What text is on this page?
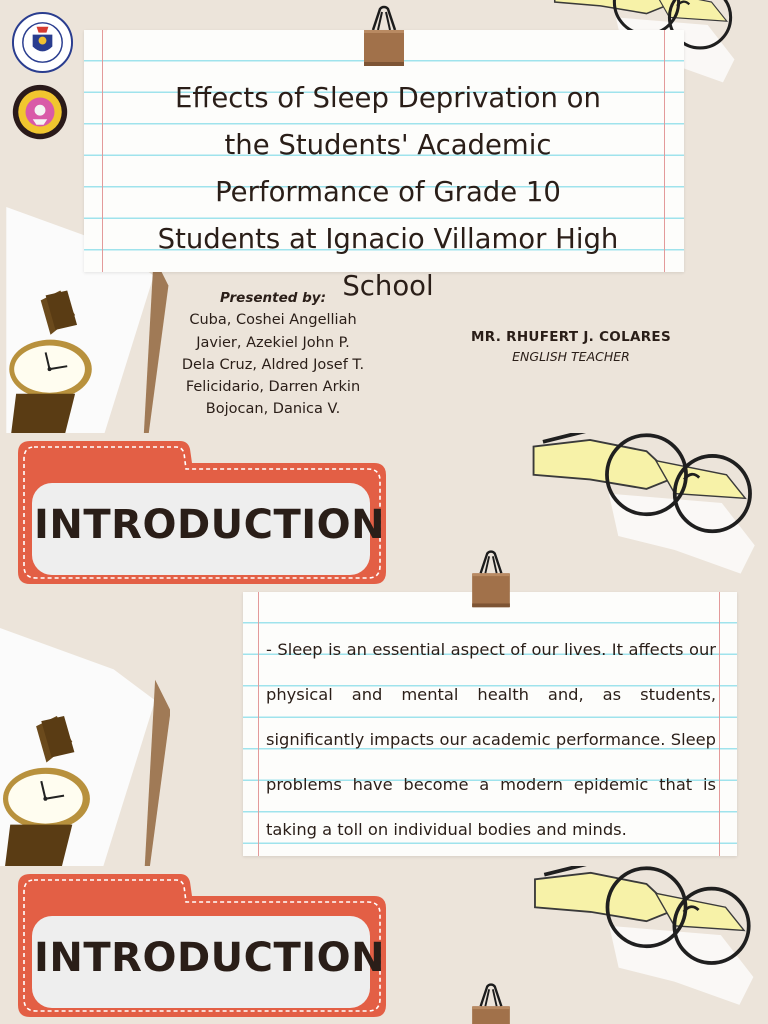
Effects of Sleep Deprivation on the Students' Academic Performance of Grade 10 Students at Ignacio Villamor High School
Presented by:
Cuba, Coshei Angelliah
Javier, Azekiel John P.
Dela Cruz, Aldred Josef T.
Felicidario, Darren Arkin
Bojocan, Danica V.
MR. RHUFERT J. COLARES
ENGLISH TEACHER
INTRODUCTION

- Sleep is an essential aspect of our lives. It affects our physical and mental health and, as students, significantly impacts our academic performance. Sleep problems have become a modern epidemic that is taking a toll on individual bodies and minds.

INTRODUCTION
